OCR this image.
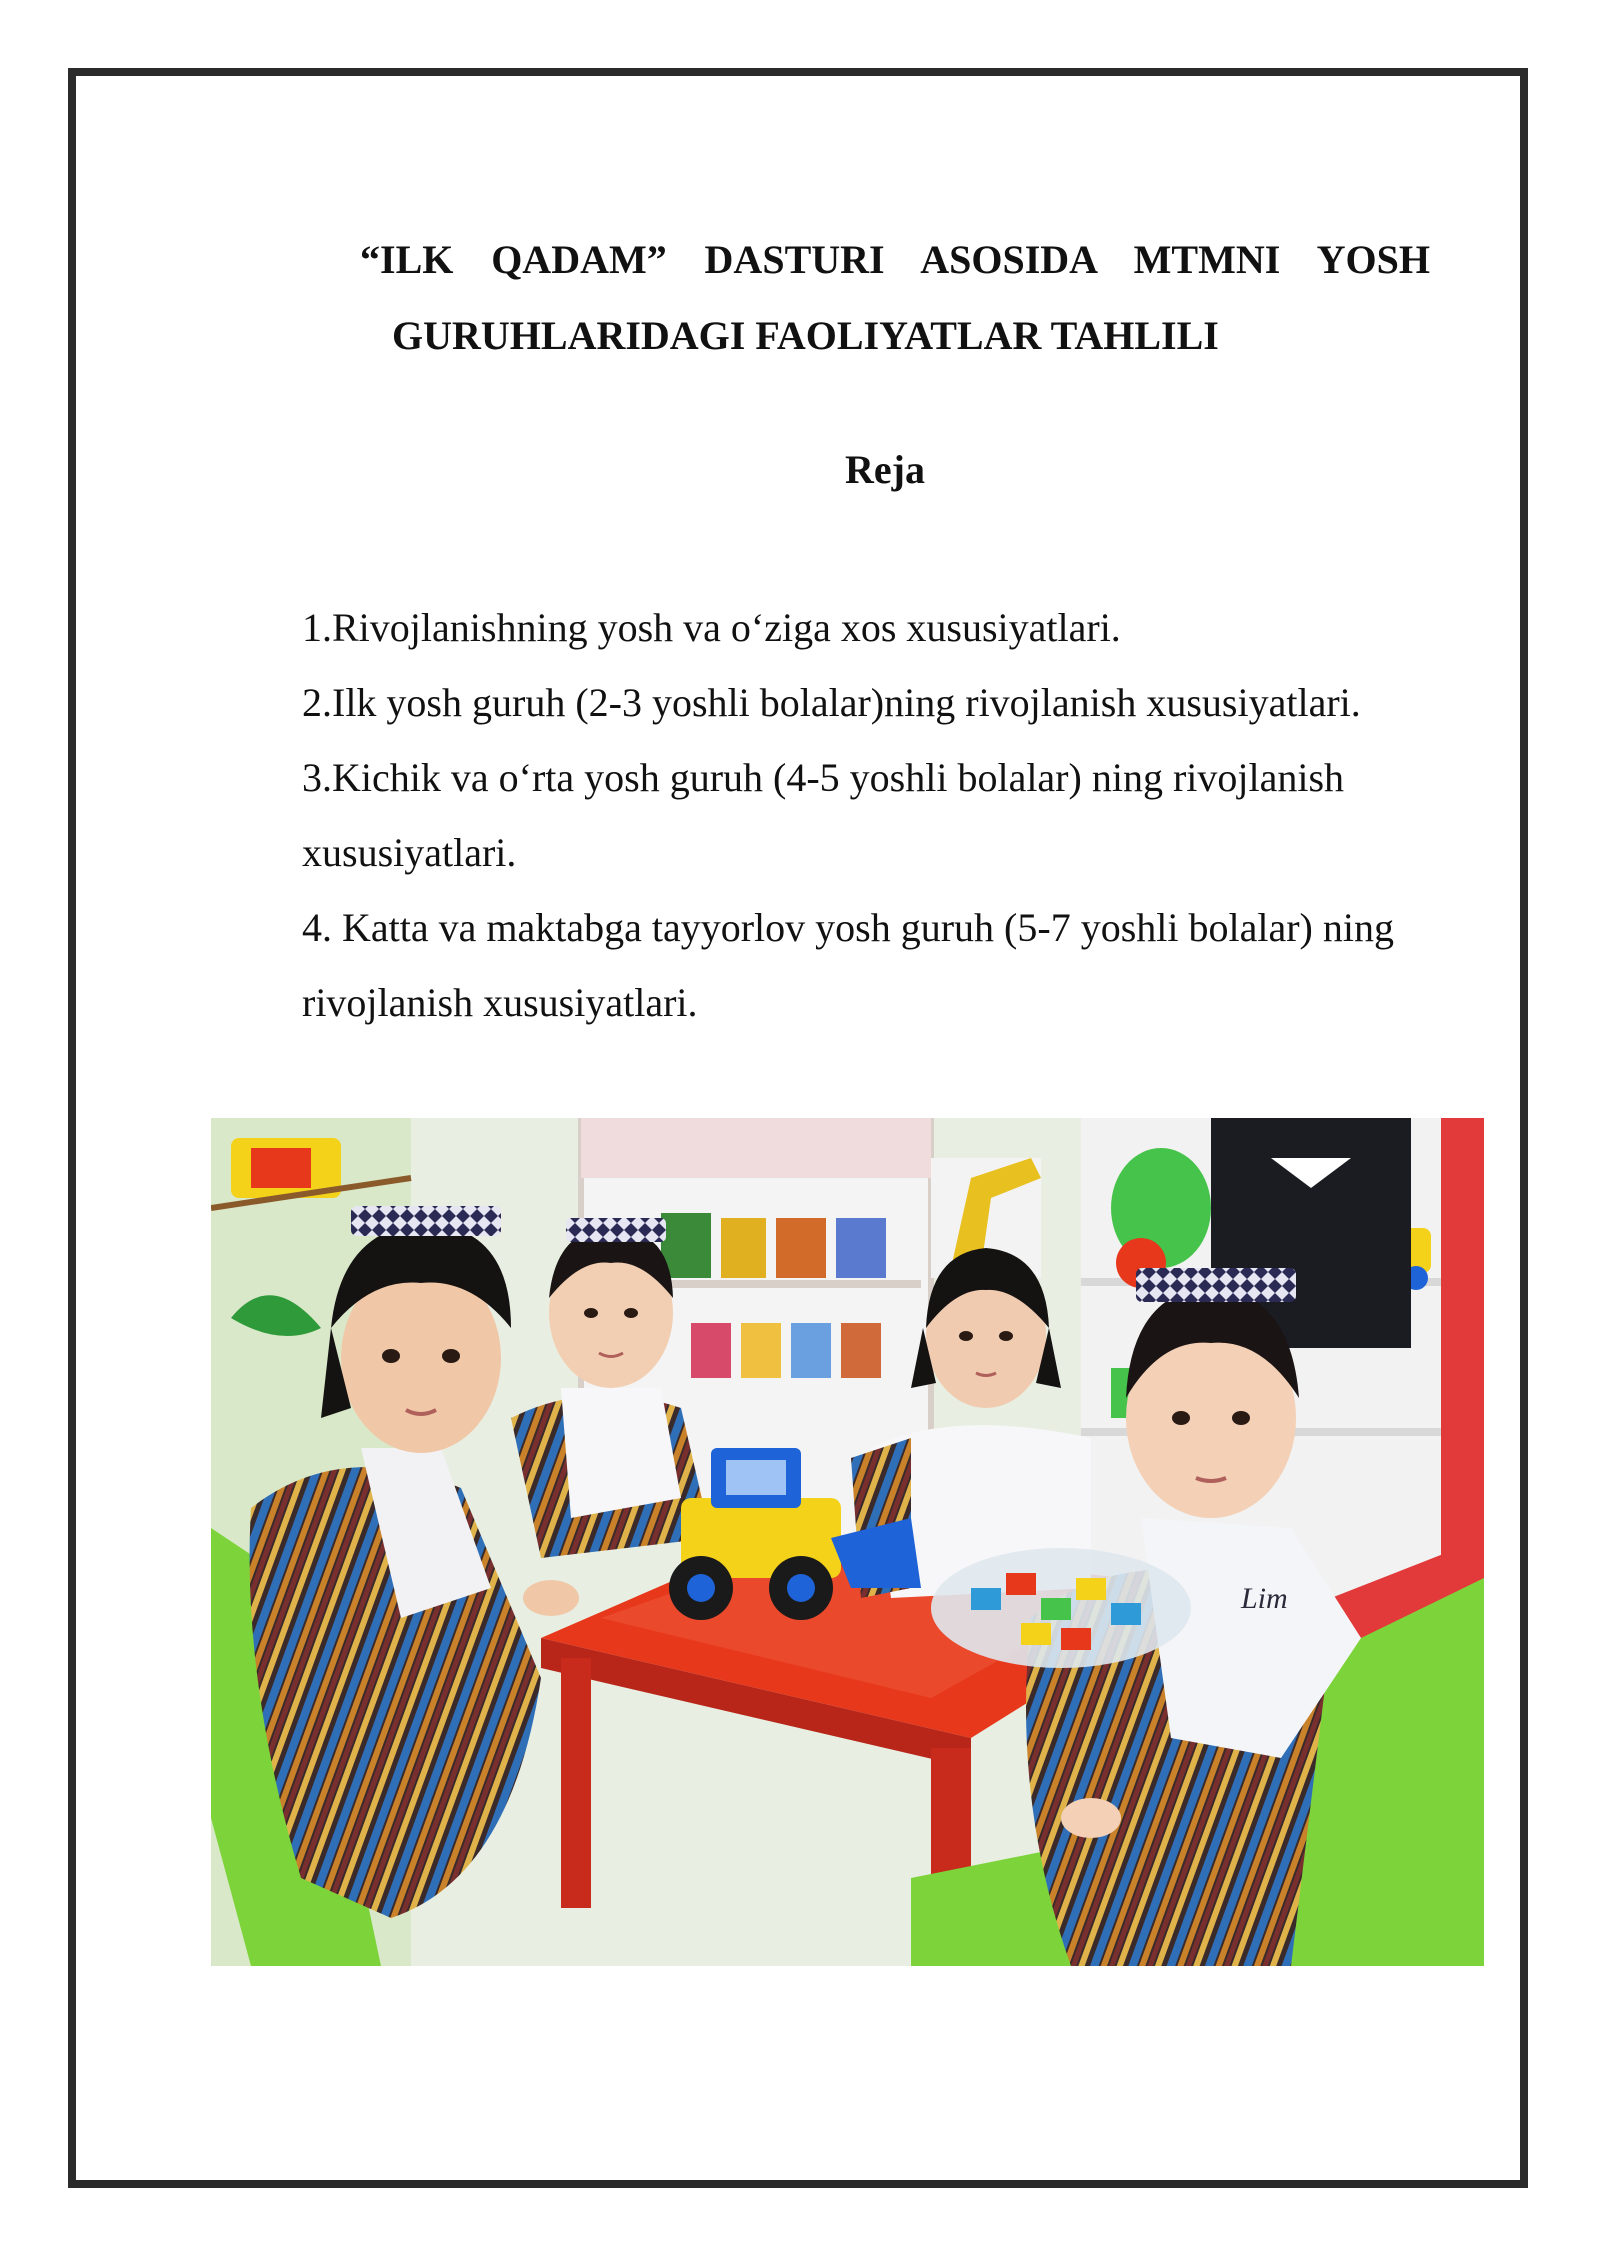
“ILK QADAM” DASTURI ASOSIDA MTMNI YOSH
GURUHLARIDAGI FAOLIYATLAR TAHLILI
Reja
1.Rivojlanishning yosh va o‘ziga xos xususiyatlari.
2.Ilk yosh guruh (2-3 yoshli bolalar)ning rivojlanish xususiyatlari.
3.Kichik va o‘rta yosh guruh (4-5 yoshli bolalar) ning rivojlanish
xususiyatlari.
4. Katta va maktabga tayyorlov yosh guruh (5-7 yoshli bolalar) ning
rivojlanish xususiyatlari.
Lim
